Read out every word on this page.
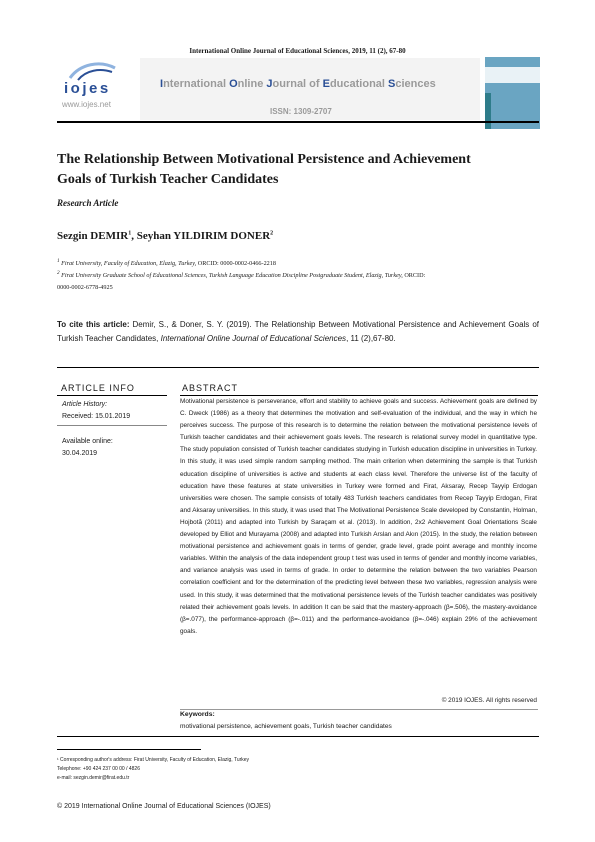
International Online Journal of Educational Sciences, 2019, 11 (2), 67-80
iojes
www.iojes.net
International Online Journal of Educational Sciences
ISSN: 1309-2707
The Relationship Between Motivational Persistence and Achievement
Goals of Turkish Teacher Candidates
Research Article
Sezgin DEMIR$^1$, Seyhan YILDIRIM DONER$^2$
$^1$ Firat University, Faculty of Education, Elazig, Turkey, ORCID: 0000-0002-0466-2218
$^2$ Firat University Graduate School of Educational Sciences, Turkish Language Education Discipline Postgraduate Student, Elazig, Turkey, ORCID:
0000-0002-6778-4925
To cite this article: Demir, S., & Doner, S. Y. (2019). The Relationship Between Motivational Persistence and Achievement Goals of Turkish Teacher Candidates, International Online Journal of Educational Sciences, 11 (2),67-80.
ARTICLE INFO	ABSTRACT
Article History:
Received: 15.01.2019
Available online:
30.04.2019
Motivational persistence is perseverance, effort and stability to achieve goals and success. Achievement goals are defined by C. Dweck (1986) as a theory that determines the motivation and self-evaluation of the individual, and the way in which he perceives success. The purpose of this research is to determine the relation between the motivational persistence levels of Turkish teacher candidates and their achievement goals levels. The research is relational survey model in quantitative type. The study population consisted of Turkish teacher candidates studying in Turkish education discipline in universities in Turkey. In this study, it was used simple random sampling method. The main criterion when determining the sample is that Turkish education discipline of universities is active and students at each class level. Therefore the universe list of the faculty of education have these features at state universities in Turkey were formed and Firat, Aksaray, Recep Tayyip Erdogan universities were chosen. The sample consists of totally 483 Turkish teachers candidates from Recep Tayyip Erdogan, Firat and Aksaray universities. In this study, it was used that The Motivational Persistence Scale developed by Constantin, Holman, Hojbotă (2011) and adapted into Turkish by Saraçam et al. (2013). In addition, 2x2 Achievement Goal Orientations Scale developed by Elliot and Murayama (2008) and adapted into Turkish Arslan and Akın (2015). In the study, the relation between motivational persistence and achievement goals in terms of gender, grade level, grade point average and monthly income variables. Within the analysis of the data independent group t test was used in terms of gender and monthly income variables, and variance analysis was used in terms of grade. In order to determine the relation between the two variables Pearson correlation coefficient and for the determination of the predicting level between these two variables, regression analysis were used. In this study, it was determined that the motivational persistence levels of the Turkish teacher candidates was positively related their achievement goals levels. In addition It can be said that the mastery-approach (β=.506), the mastery-avoidance (β=.077), the performance-approach (β=-.011) and the performance-avoidance (β=-.046) explain 29% of the achievement goals.
© 2019 IOJES. All rights reserved
Keywords:
motivational persistence, achievement goals, Turkish teacher candidates
¹ Corresponding author's address: Firat University, Faculty of Education, Elazig, Turkey
Telephone: +90 424 237 00 00 / 4826
e-mail: sezgin.demir@firat.edu.tr
© 2019 International Online Journal of Educational Sciences (IOJES)
